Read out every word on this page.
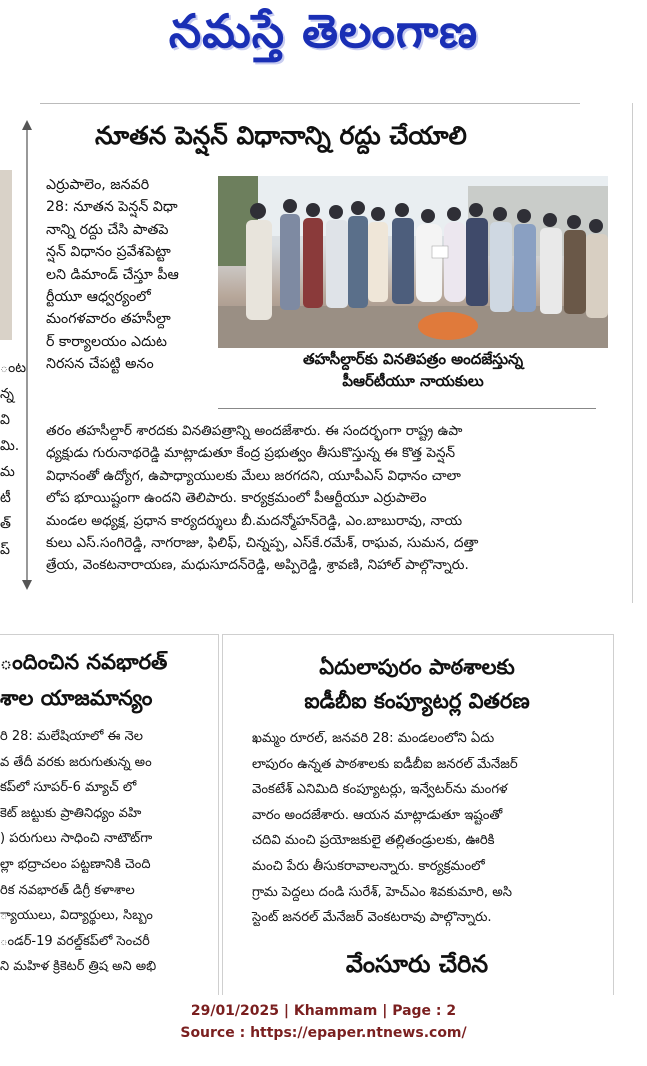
నమస్తే తెలంగాణ
ంట
న్న
వి
మి.
మ
టీ
త్
ప్
నూతన పెన్షన్ విధానాన్ని రద్దు చేయాలి

ఎర్రుపాలెం, జనవరి

28: నూతన పెన్షన్ విధా

నాన్ని రద్దు చేసి పాతపె

న్షన్ విధానం ప్రవేశపెట్టా

లని డిమాండ్ చేస్తూ పీఆ

ర్టీయూ ఆధ్వర్యంలో

మంగళవారం తహసీల్దా

ర్ కార్యాలయం ఎదుట

నిరసన చేపట్టి అనం	తహసీల్దార్‌కు వినతిపత్రం అందజేస్తున్న
పీఆర్‌టీయూ నాయకులు

తరం తహసీల్దార్ శారదకు వినతిపత్రాన్ని అందజేశారు. ఈ సందర్భంగా రాష్ట్ర ఉపా

ధ్యక్షుడు గురునాథరెడ్డి మాట్లాడుతూ కేంద్ర ప్రభుత్వం తీసుకొస్తున్న ఈ కొత్త పెన్షన్

విధానంతో ఉద్యోగ, ఉపాధ్యాయులకు మేలు జరగదని, యూపీఎస్ విధానం చాలా

లోప భూయిష్టంగా ఉందని తెలిపారు. కార్యక్రమంలో పీఆర్టీయూ ఎర్రుపాలెం

మండల అధ్యక్ష, ప్రధాన కార్యదర్శులు బీ.మదన్మోహన్‌రెడ్డి, ఎం.బాబురావు, నాయ

కులు ఎస్.సంగిరెడ్డి, నాగరాజు, ఫిలిఫ్, చిన్నప్ప, ఎస్‌కే.రమేశ్, రాఘవ, సుమన, దత్తా

త్రేయ, వెంకటనారాయణ, మధుసూదన్‌రెడ్డి, అప్పిరెడ్డి, శ్రావణి, నిహాల్ పాల్గొన్నారు.

ందించిన నవభారత్
శాల యాజమాన్యం

రి 28: మలేషియాలో ఈ నెల

వ తేదీ వరకు జరుగుతున్న అం

కప్‌లో సూపర్-6 మ్యాచ్ లో

కెట్ జట్టుకు ప్రాతినిధ్యం వహి

) పరుగులు సాధించి నాటౌట్‌గా

ల్లా భద్రాచలం పట్టణానికి చెంది

రిక నవభారత్ డిగ్రీ కళాశాల

్యాయులు, విద్యార్థులు, సిబ్బం

ండర్-19 వరల్డ్‌కప్‌లో సెంచరీ

ని మహిళ క్రికెటర్ త్రిష అని అభి

ఏదులాపురం పాఠశాలకు
ఐడీబీఐ కంప్యూటర్ల వితరణ

ఖమ్మం రూరల్, జనవరి 28: మండలంలోని ఏదు

లాపురం ఉన్నత పాఠశాలకు ఐడీబీఐ జనరల్ మేనేజర్

వెంకటేశ్ ఎనిమిది కంప్యూటర్లు, ఇన్వేటర్‌ను మంగళ

వారం అందజేశారు. ఆయన మాట్లాడుతూ ఇష్టంతో

చదివి మంచి ప్రయోజకులై తల్లితండ్రులకు, ఊరికి

మంచి పేరు తీసుకరావాలన్నారు. కార్యక్రమంలో

గ్రామ పెద్దలు దండి సురేశ్, హెచ్ఎం శివకుమారి, అసి

స్టెంట్ జనరల్ మేనేజర్ వెంకటరావు పాల్గొన్నారు.

వేంసూరు చేరిన
29/01/2025 | Khammam | Page : 2
Source : https://epaper.ntnews.com/
